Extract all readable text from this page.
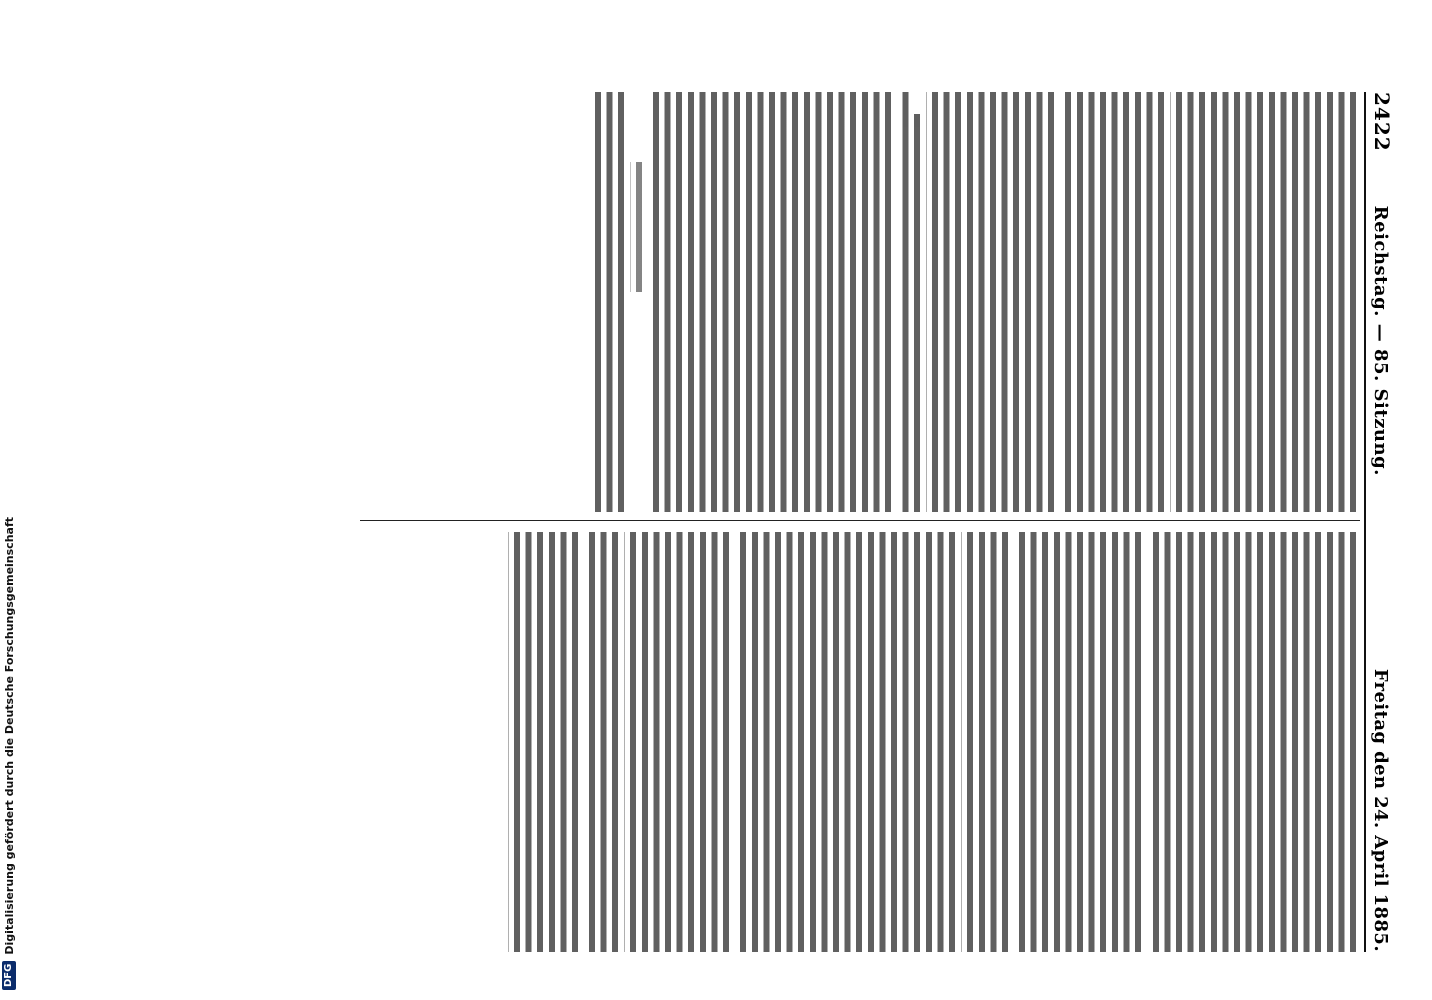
2422
Reichstag. — 85. Sitzung.
Freitag den 24. April 1885.
DFG
Digitalisierung gefördert durch die Deutsche Forschungsgemeinschaft
